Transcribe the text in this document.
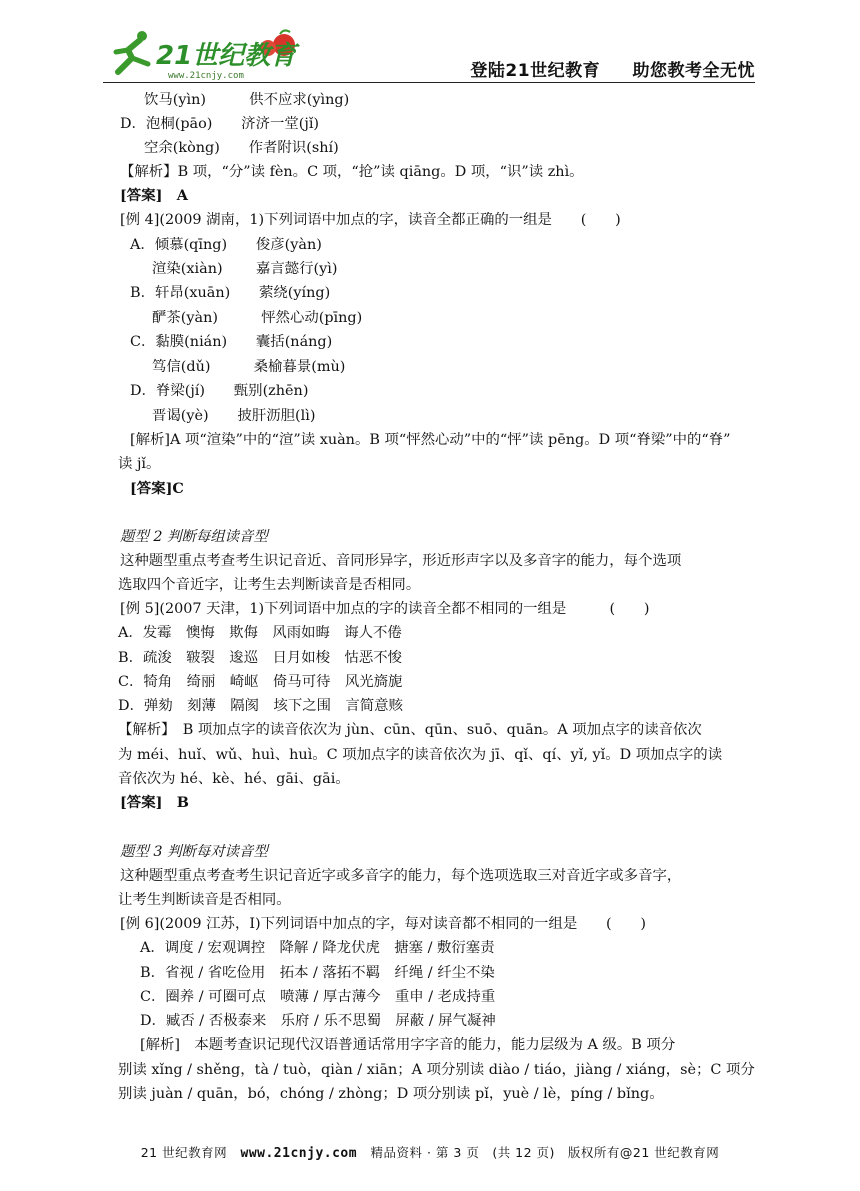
21世纪教育
www.21cnjy.com	登陆21世纪教育 助您教考全无忧
饮马(yìn)　　　供不应求(yìng)
D．泡桐(pāo)　　济济一堂(jǐ)
空余(kòng)　　作者附识(shí)
【解析】B 项，“分”读 fèn。C 项，“抢”读 qiāng。D 项，“识”读 zhì。
[答案]　A
[例 4](2009 湖南，1)下列词语中加点的字，读音全都正确的一组是　　(　　)
A．倾慕(qīng)　　俊彦(yàn)
渲染(xiàn)　　 嘉言懿行(yì)
B．轩昂(xuān)　　萦绕(yíng)
酽茶(yàn)　　　怦然心动(pīng)
C．黏膜(nián)　　囊括(náng)
笃信(dǔ)　　　桑榆暮景(mù)
D．脊梁(jí)　　甄别(zhēn)
晋谒(yè)　　披肝沥胆(lì)
[解析]A 项“渲染”中的“渲”读 xuàn。B 项“怦然心动”中的“怦”读 pēng。D 项“脊梁”中的“脊”
读 jǐ。
[答案]C
题型 2 判断每组读音型
这种题型重点考查考生识记音近、音同形异字，形近形声字以及多音字的能力，每个选项
选取四个音近字，让考生去判断读音是否相同。
[例 5](2007 天津，1)下列词语中加点的字的读音全都不相同的一组是　　　(　　)
A．发霉　懊悔　欺侮　风雨如晦　诲人不倦
B．疏浚　皲裂　逡巡　日月如梭　怙恶不悛
C．犄角　绮丽　崎岖　倚马可待　风光旖旎
D．弹劾　刻薄　隔阂　垓下之围　言简意赅
【解析】　B 项加点字的读音依次为 jùn、cūn、qūn、suō、quān。A 项加点字的读音依次
为 méi、huǐ、wǔ、huì、huì。C 项加点字的读音依次为 jī、qǐ、qí、yǐ, yǐ。D 项加点字的读
音依次为 hé、kè、hé、gāi、gāi。
[答案]　B
题型 3 判断每对读音型
这种题型重点考查考生识记音近字或多音字的能力，每个选项选取三对音近字或多音字，
让考生判断读音是否相同。
[例 6](2009 江苏，I)下列词语中加点的字，每对读音都不相同的一组是　　(　　)
A．调度 / 宏观调控　降解 / 降龙伏虎　搪塞 / 敷衍塞责
B．省视 / 省吃俭用　拓本 / 落拓不羁　纤绳 / 纤尘不染
C．圈养 / 可圈可点　喷薄 / 厚古薄今　重申 / 老成持重
D．臧否 / 否极泰来　乐府 / 乐不思蜀　屏蔽 / 屏气凝神
[解析]　本题考查识记现代汉语普通话常用字字音的能力，能力层级为 A 级。B 项分
别读 xǐng / shěng，tà / tuò，qiàn / xiān；A 项分别读 diào / tiáo，jiàng / xiáng，sè；C 项分
别读 juàn / quān，bó，chóng / zhòng；D 项分别读 pǐ，yuè / lè，píng / bǐng。
21 世纪教育网 www.21cnjy.com 精品资料 · 第 3 页　(共 12 页)　版权所有@21 世纪教育网
